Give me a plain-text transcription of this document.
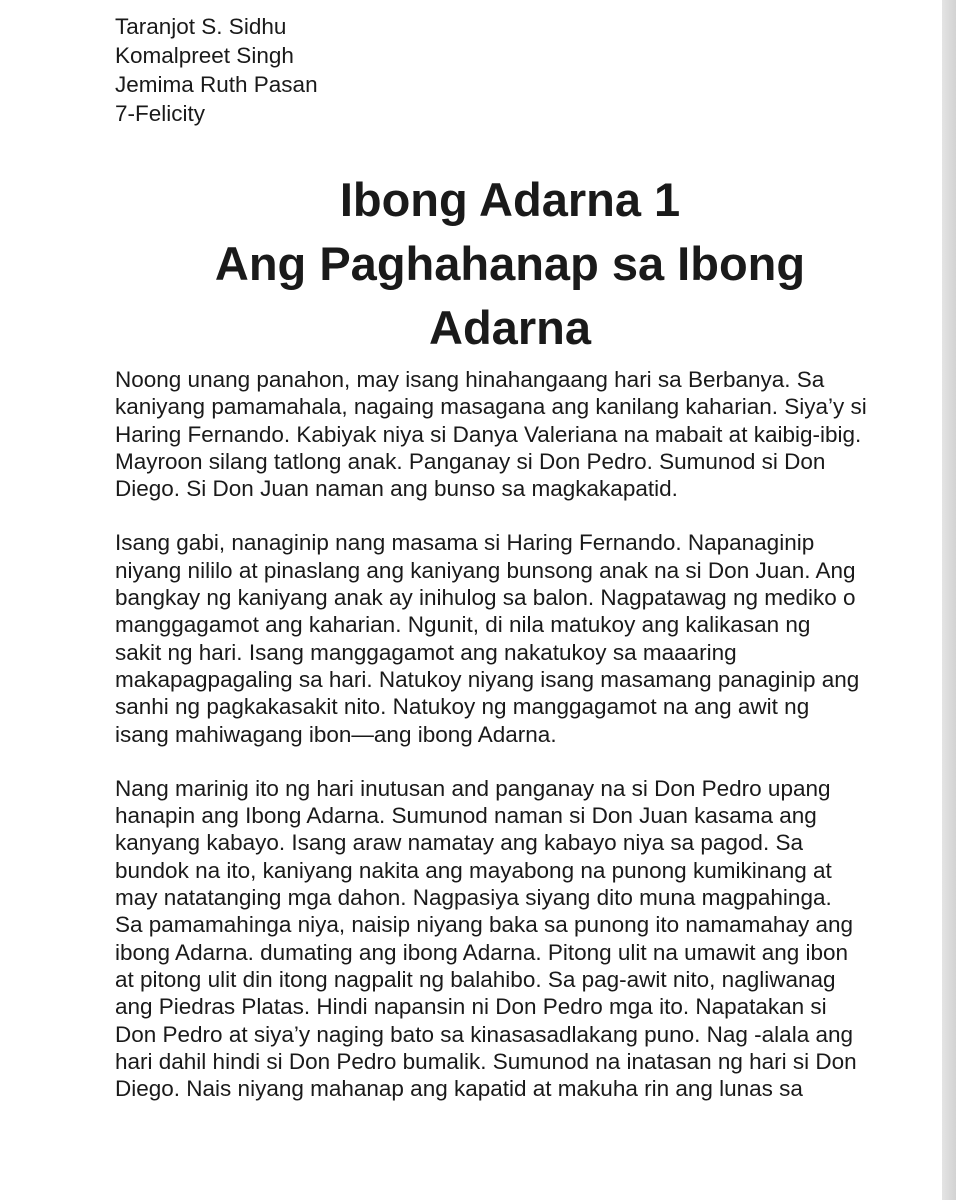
Taranjot S. Sidhu
Komalpreet Singh
Jemima Ruth Pasan
7-Felicity
Ibong Adarna 1
Ang Paghahanap sa Ibong
Adarna
Noong unang panahon, may isang hinahangaang hari sa Berbanya. Sa
kaniyang pamamahala, nagaing masagana ang kanilang kaharian. Siya’y si
Haring Fernando. Kabiyak niya si Danya Valeriana na mabait at kaibig-ibig.
Mayroon silang tatlong anak. Panganay si Don Pedro. Sumunod si Don
Diego. Si Don Juan naman ang bunso sa magkakapatid.
Isang gabi, nanaginip nang masama si Haring Fernando. Napanaginip
niyang nililo at pinaslang ang kaniyang bunsong anak na si Don Juan. Ang
bangkay ng kaniyang anak ay inihulog sa balon. Nagpatawag ng mediko o
manggagamot ang kaharian. Ngunit, di nila matukoy ang kalikasan ng
sakit ng hari. Isang manggagamot ang nakatukoy sa maaaring
makapagpagaling sa hari. Natukoy niyang isang masamang panaginip ang
sanhi ng pagkakasakit nito. Natukoy ng manggagamot na ang awit ng
isang mahiwagang ibon—ang ibong Adarna.
Nang marinig ito ng hari inutusan and panganay na si Don Pedro upang
hanapin ang Ibong Adarna. Sumunod naman si Don Juan kasama ang
kanyang kabayo. Isang araw namatay ang kabayo niya sa pagod. Sa
bundok na ito, kaniyang nakita ang mayabong na punong kumikinang at
may natatanging mga dahon. Nagpasiya siyang dito muna magpahinga.
Sa pamamahinga niya, naisip niyang baka sa punong ito namamahay ang
ibong Adarna. dumating ang ibong Adarna. Pitong ulit na umawit ang ibon
at pitong ulit din itong nagpalit ng balahibo. Sa pag-awit nito, nagliwanag
ang Piedras Platas. Hindi napansin ni Don Pedro mga ito. Napatakan si
Don Pedro at siya’y naging bato sa kinasasadlakang puno. Nag -alala ang
hari dahil hindi si Don Pedro bumalik. Sumunod na inatasan ng hari si Don
Diego. Nais niyang mahanap ang kapatid at makuha rin ang lunas sa
